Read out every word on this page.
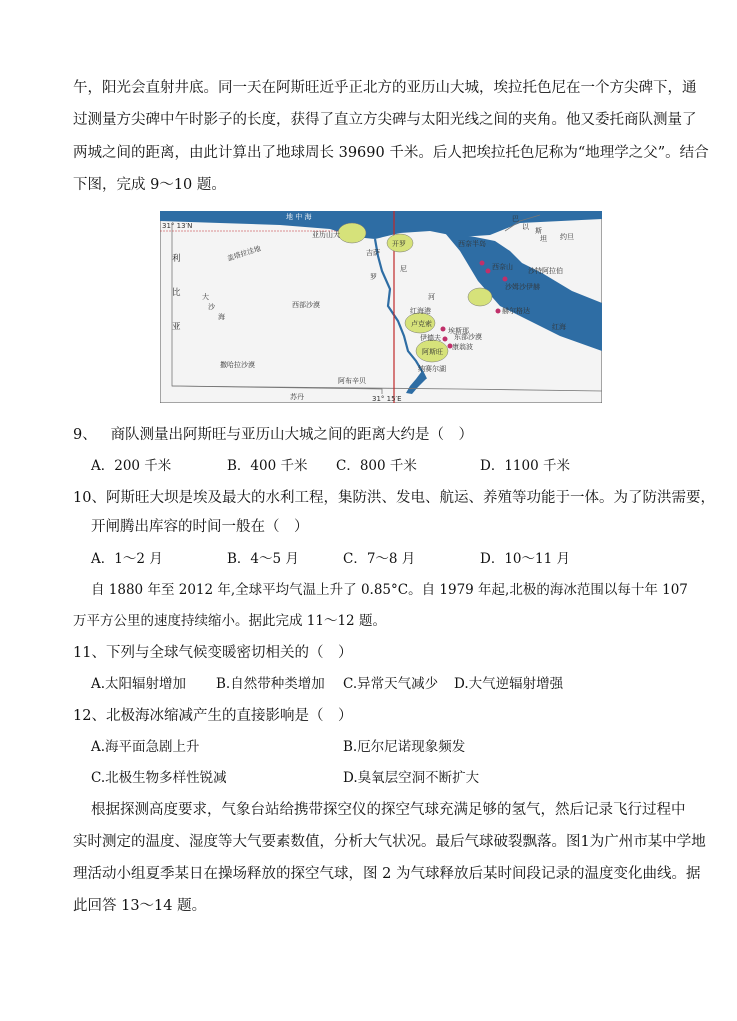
午，阳光会直射井底。同一天在阿斯旺近乎正北方的亚历山大城，埃拉托色尼在一个方尖碑下，通
过测量方尖碑中午时影子的长度，获得了直立方尖碑与太阳光线之间的夹角。他又委托商队测量了
两城之间的距离，由此计算出了地球周长 39690 千米。后人把埃拉托色尼称为“地理学之父”。结合
下图，完成 9～10 题。
31° 13′N
31° 15′E
地 中 海
利
比
亚
巴
以 斯
坦 约旦
苏丹
盖塔拉洼地
大
沙
海
西部沙漠
撒哈拉沙漠
西奈半岛
西奈山 沙特阿拉伯
沙姆沙伊赫
赫尔格达
红海
东部沙漠
亚历山大
开罗
吉萨
尼
罗
红海港
河
卢克索
埃斯那
伊德夫
康翁波
阿斯旺
纳赛尔湖
阿布辛贝
9、 商队测量出阿斯旺与亚历山大城之间的距离大约是（　）
A．200 千米	B．400 千米 C．800 千米	D．1100 千米
10、阿斯旺大坝是埃及最大的水利工程，集防洪、发电、航运、养殖等功能于一体。为了防洪需要，
开闸腾出库容的时间一般在（　）
A．1～2 月	B．4～5 月	C．7～8 月	D．10～11 月
自 1880 年至 2012 年,全球平均气温上升了 0.85°C。自 1979 年起,北极的海冰范围以每十年 107
万平方公里的速度持续缩小。据此完成 11～12 题。
11、下列与全球气候变暖密切相关的（　）
A.太阳辐射增加 B.自然带种类增加 C.异常天气减少 D.大气逆辐射增强
12、北极海冰缩减产生的直接影响是（　）
A.海平面急剧上升	B.厄尔尼诺现象频发
C.北极生物多样性锐减	D.臭氧层空洞不断扩大
根据探测高度要求，气象台站给携带探空仪的探空气球充满足够的氢气，然后记录飞行过程中
实时测定的温度、湿度等大气要素数值，分析大气状况。最后气球破裂飘落。图1为广州市某中学地
理活动小组夏季某日在操场释放的探空气球，图 2 为气球释放后某时间段记录的温度变化曲线。据
此回答 13～14 题。
